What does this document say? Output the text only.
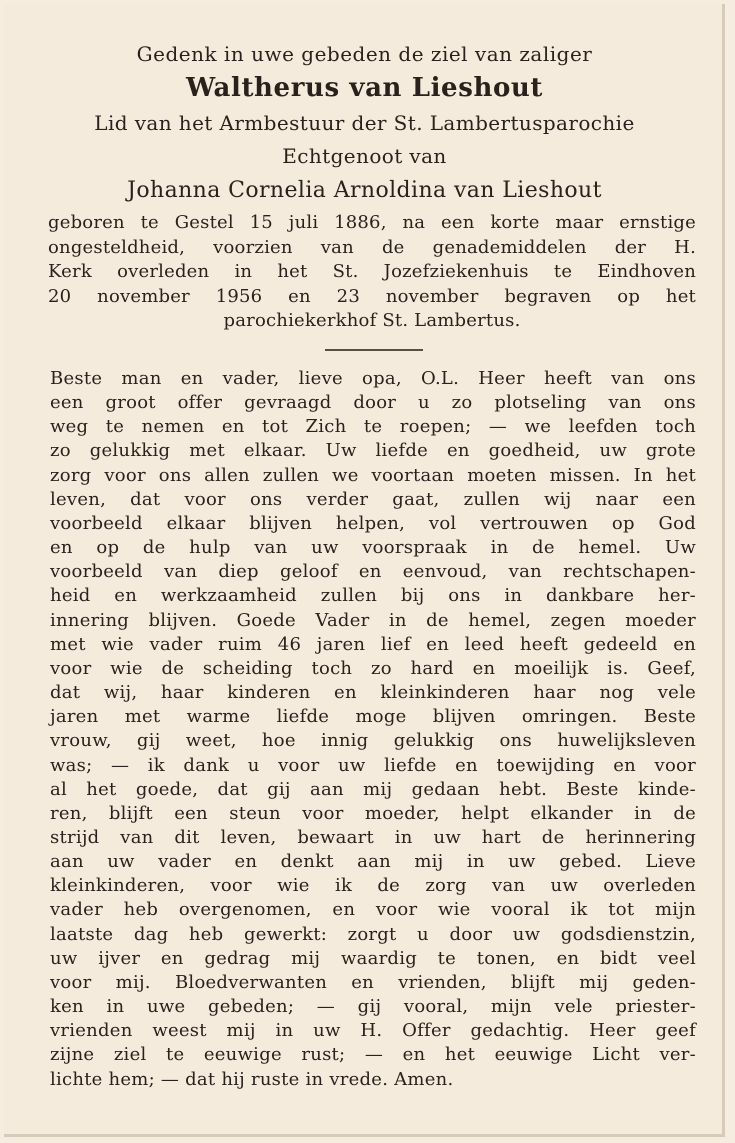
Gedenk in uwe gebeden de ziel van zaliger

Waltherus van Lieshout

Lid van het Armbestuur der St. Lambertusparochie

Echtgenoot van

Johanna Cornelia Arnoldina van Lieshout

geboren te Gestel 15 juli 1886, na een korte maar ernstige
ongesteldheid, voorzien van de genademiddelen der H.
Kerk overleden in het St. Jozefziekenhuis te Eindhoven
20 november 1956 en 23 november begraven op het
parochiekerkhof St. Lambertus.
Beste man en vader, lieve opa, O.L. Heer heeft van ons
een groot offer gevraagd door u zo plotseling van ons
weg te nemen en tot Zich te roepen; — we leefden toch
zo gelukkig met elkaar. Uw liefde en goedheid, uw grote
zorg voor ons allen zullen we voortaan moeten missen. In het
leven, dat voor ons verder gaat, zullen wij naar een
voorbeeld elkaar blijven helpen, vol vertrouwen op God
en op de hulp van uw voorspraak in de hemel. Uw
voorbeeld van diep geloof en eenvoud, van rechtschapen-
heid en werkzaamheid zullen bij ons in dankbare her-
innering blijven. Goede Vader in de hemel, zegen moeder
met wie vader ruim 46 jaren lief en leed heeft gedeeld en
voor wie de scheiding toch zo hard en moeilijk is. Geef,
dat wij, haar kinderen en kleinkinderen haar nog vele
jaren met warme liefde moge blijven omringen. Beste
vrouw, gij weet, hoe innig gelukkig ons huwelijksleven
was; — ik dank u voor uw liefde en toewijding en voor
al het goede, dat gij aan mij gedaan hebt. Beste kinde-
ren, blijft een steun voor moeder, helpt elkander in de
strijd van dit leven, bewaart in uw hart de herinnering
aan uw vader en denkt aan mij in uw gebed. Lieve
kleinkinderen, voor wie ik de zorg van uw overleden
vader heb overgenomen, en voor wie vooral ik tot mijn
laatste dag heb gewerkt: zorgt u door uw godsdienstzin,
uw ijver en gedrag mij waardig te tonen, en bidt veel
voor mij. Bloedverwanten en vrienden, blijft mij geden-
ken in uwe gebeden; — gij vooral, mijn vele priester-
vrienden weest mij in uw H. Offer gedachtig. Heer geef
zijne ziel te eeuwige rust; — en het eeuwige Licht ver-
lichte hem; — dat hij ruste in vrede. Amen.
